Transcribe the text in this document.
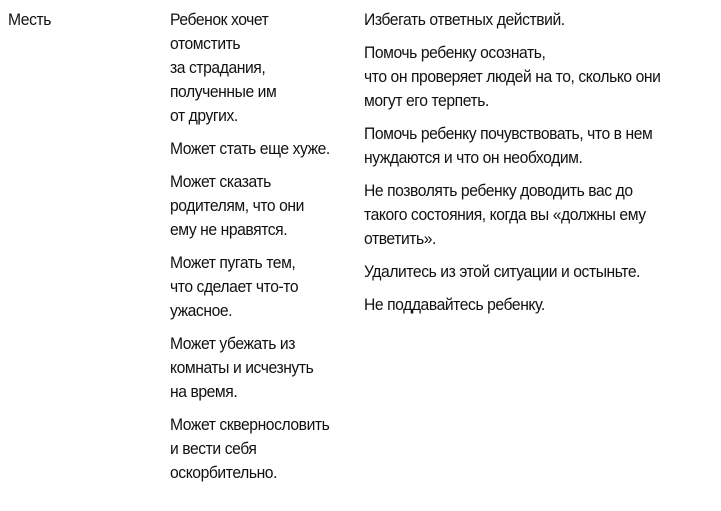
Месть	Ребенок хочет
отомстить
за страдания,
полученные им
от других.

Может стать еще хуже.

Может сказать
родителям, что они
ему не нравятся.

Может пугать тем,
что сделает что-то
ужасное.

Может убежать из
комнаты и исчезнуть
на время.

Может сквернословить
и вести себя
оскорбительно.

Избегать ответных действий.

Помочь ребенку осознать,
что он проверяет людей на то, сколько они
могут его терпеть.

Помочь ребенку почувствовать, что в нем
нуждаются и что он необходим.

Не позволять ребенку доводить вас до
такого состояния, когда вы «должны ему
ответить».

Удалитесь из этой ситуации и остыньте.

Не поддавайтесь ребенку.
